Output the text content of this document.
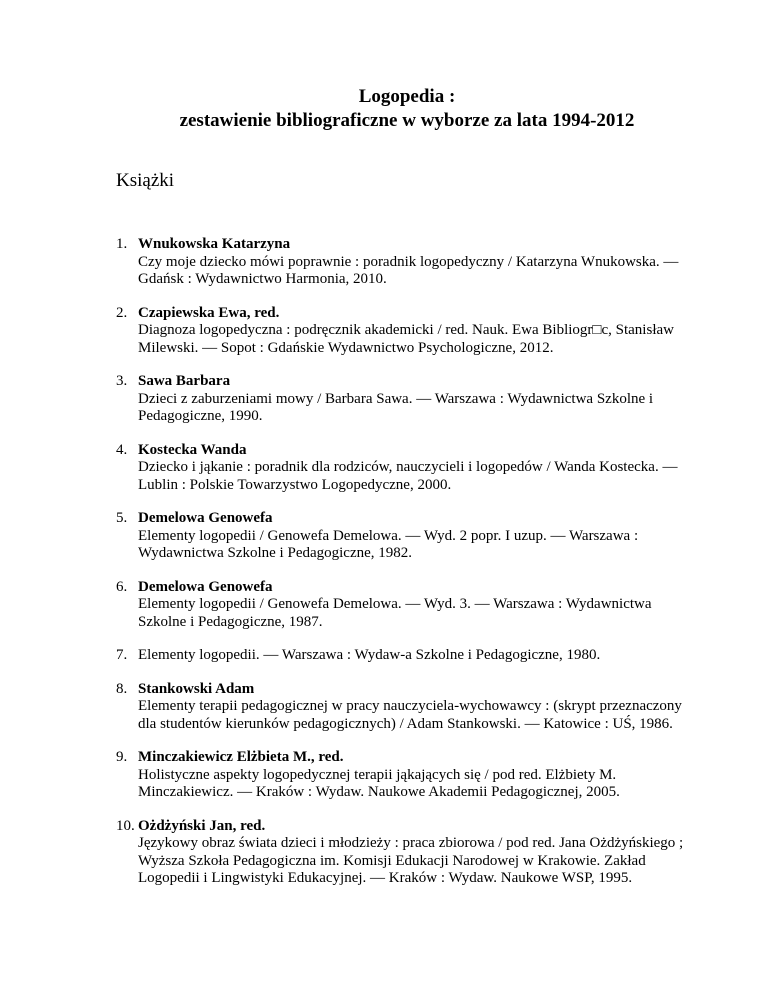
Logopedia :
zestawienie bibliograficzne w wyborze za lata 1994-2012
Książki
1. Wnukowska Katarzyna
Czy moje dziecko mówi poprawnie : poradnik logopedyczny / Katarzyna Wnukowska. — Gdańsk : Wydawnictwo Harmonia, 2010.
2. Czapiewska Ewa, red.
Diagnoza logopedyczna : podręcznik akademicki / red. Nauk. Ewa Bibliogr□c, Stanisław Milewski. — Sopot : Gdańskie Wydawnictwo Psychologiczne, 2012.
3. Sawa Barbara
Dzieci z zaburzeniami mowy / Barbara Sawa. — Warszawa : Wydawnictwa Szkolne i Pedagogiczne, 1990.
4. Kostecka Wanda
Dziecko i jąkanie : poradnik dla rodziców, nauczycieli i logopedów / Wanda Kostecka. — Lublin : Polskie Towarzystwo Logopedyczne, 2000.
5. Demelowa Genowefa
Elementy logopedii / Genowefa Demelowa. — Wyd. 2 popr. I uzup. — Warszawa : Wydawnictwa Szkolne i Pedagogiczne, 1982.
6. Demelowa Genowefa
Elementy logopedii / Genowefa Demelowa. — Wyd. 3. — Warszawa : Wydawnictwa Szkolne i Pedagogiczne, 1987.
7. Elementy logopedii. — Warszawa : Wydaw-a Szkolne i Pedagogiczne, 1980.
8. Stankowski Adam
Elementy terapii pedagogicznej w pracy nauczyciela-wychowawcy : (skrypt przeznaczony dla studentów kierunków pedagogicznych) / Adam Stankowski. — Katowice : UŚ, 1986.
9. Minczakiewicz Elżbieta M., red.
Holistyczne aspekty logopedycznej terapii jąkających się / pod red. Elżbiety M. Minczakiewicz. — Kraków : Wydaw. Naukowe Akademii Pedagogicznej, 2005.
10. Ożdżyński Jan, red.
Językowy obraz świata dzieci i młodzieży : praca zbiorowa / pod red. Jana Ożdżyńskiego ; Wyższa Szkoła Pedagogiczna im. Komisji Edukacji Narodowej w Krakowie. Zakład Logopedii i Lingwistyki Edukacyjnej. — Kraków : Wydaw. Naukowe WSP, 1995.
